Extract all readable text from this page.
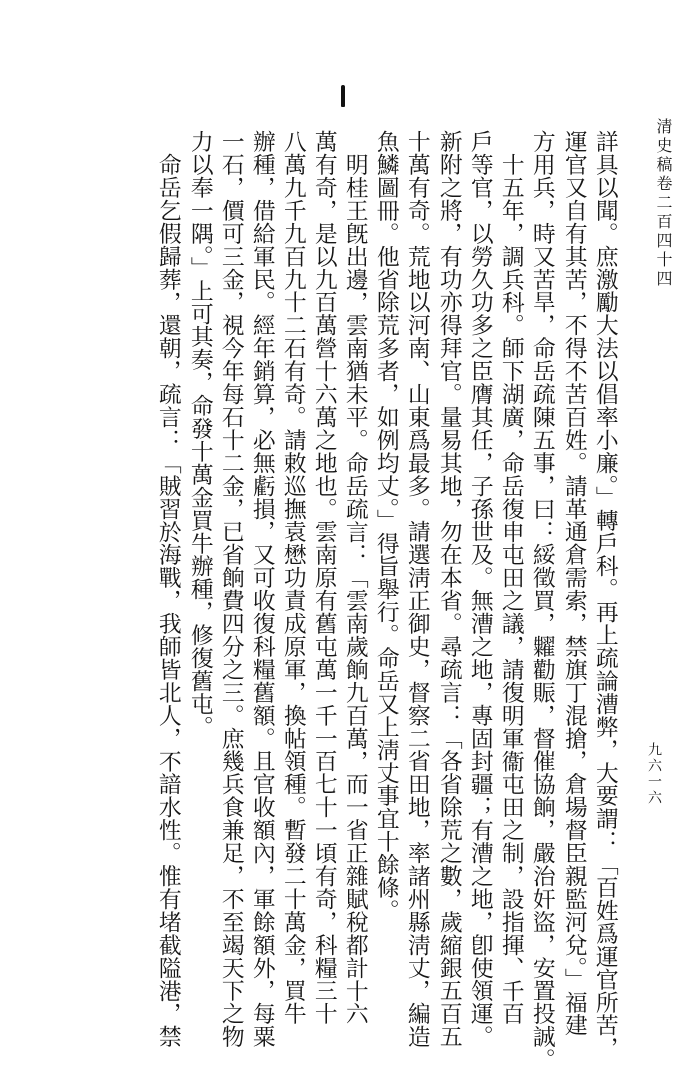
清史稿卷二百四十四
九六一六
詳具以聞。庶激勵大法以倡率小廉。」轉戶科。再上疏論漕弊，大要謂：「百姓爲運官所苦，
運官又自有其苦，不得不苦百姓。請革通倉需索，禁旗丁混搶，倉場督臣親監河兌。」福建
方用兵，時又苦旱，命岳疏陳五事，曰：綏徵買，糶勸賑，督催協餉，嚴治奸盜，安置投誠。
十五年，調兵科。師下湖廣，命岳復申屯田之議，請復明軍衞屯田之制，設指揮、千百
戶等官，以勞久功多之臣膺其任，子孫世及。無漕之地，專固封疆；有漕之地，卽使領運。
新附之將，有功亦得拜官。量易其地，勿在本省。尋疏言：「各省除荒之數，歲縮銀五百五
十萬有奇。荒地以河南、山東爲最多。請選淸正御史，督察二省田地，率諸州縣淸丈，編造
魚鱗圖冊。他省除荒多者，如例均丈。」得旨舉行。命岳又上淸丈事宜十餘條。
明桂王旣出邊，雲南猶未平。命岳疏言：「雲南歲餉九百萬，而一省正雜賦稅都計十六
萬有奇，是以九百萬營十六萬之地也。雲南原有舊屯萬一千一百七十一頃有奇，科糧三十
八萬九千九百九十二石有奇。請敕巡撫袁懋功責成原軍，換帖領種。暫發二十萬金，買牛
辦種，借給軍民。經年銷算，必無虧損，又可收復科糧舊額。且官收額內，軍餘額外，每粟
一石，價可三金，視今年每石十二金，已省餉費四分之三。庶幾兵食兼足，不至竭天下之物
力以奉一隅。」上可其奏，命發十萬金買牛辦種，修復舊屯。
命岳乞假歸葬，還朝，疏言：「賊習於海戰，我師皆北人，不諳水性。惟有堵截隘港，禁
